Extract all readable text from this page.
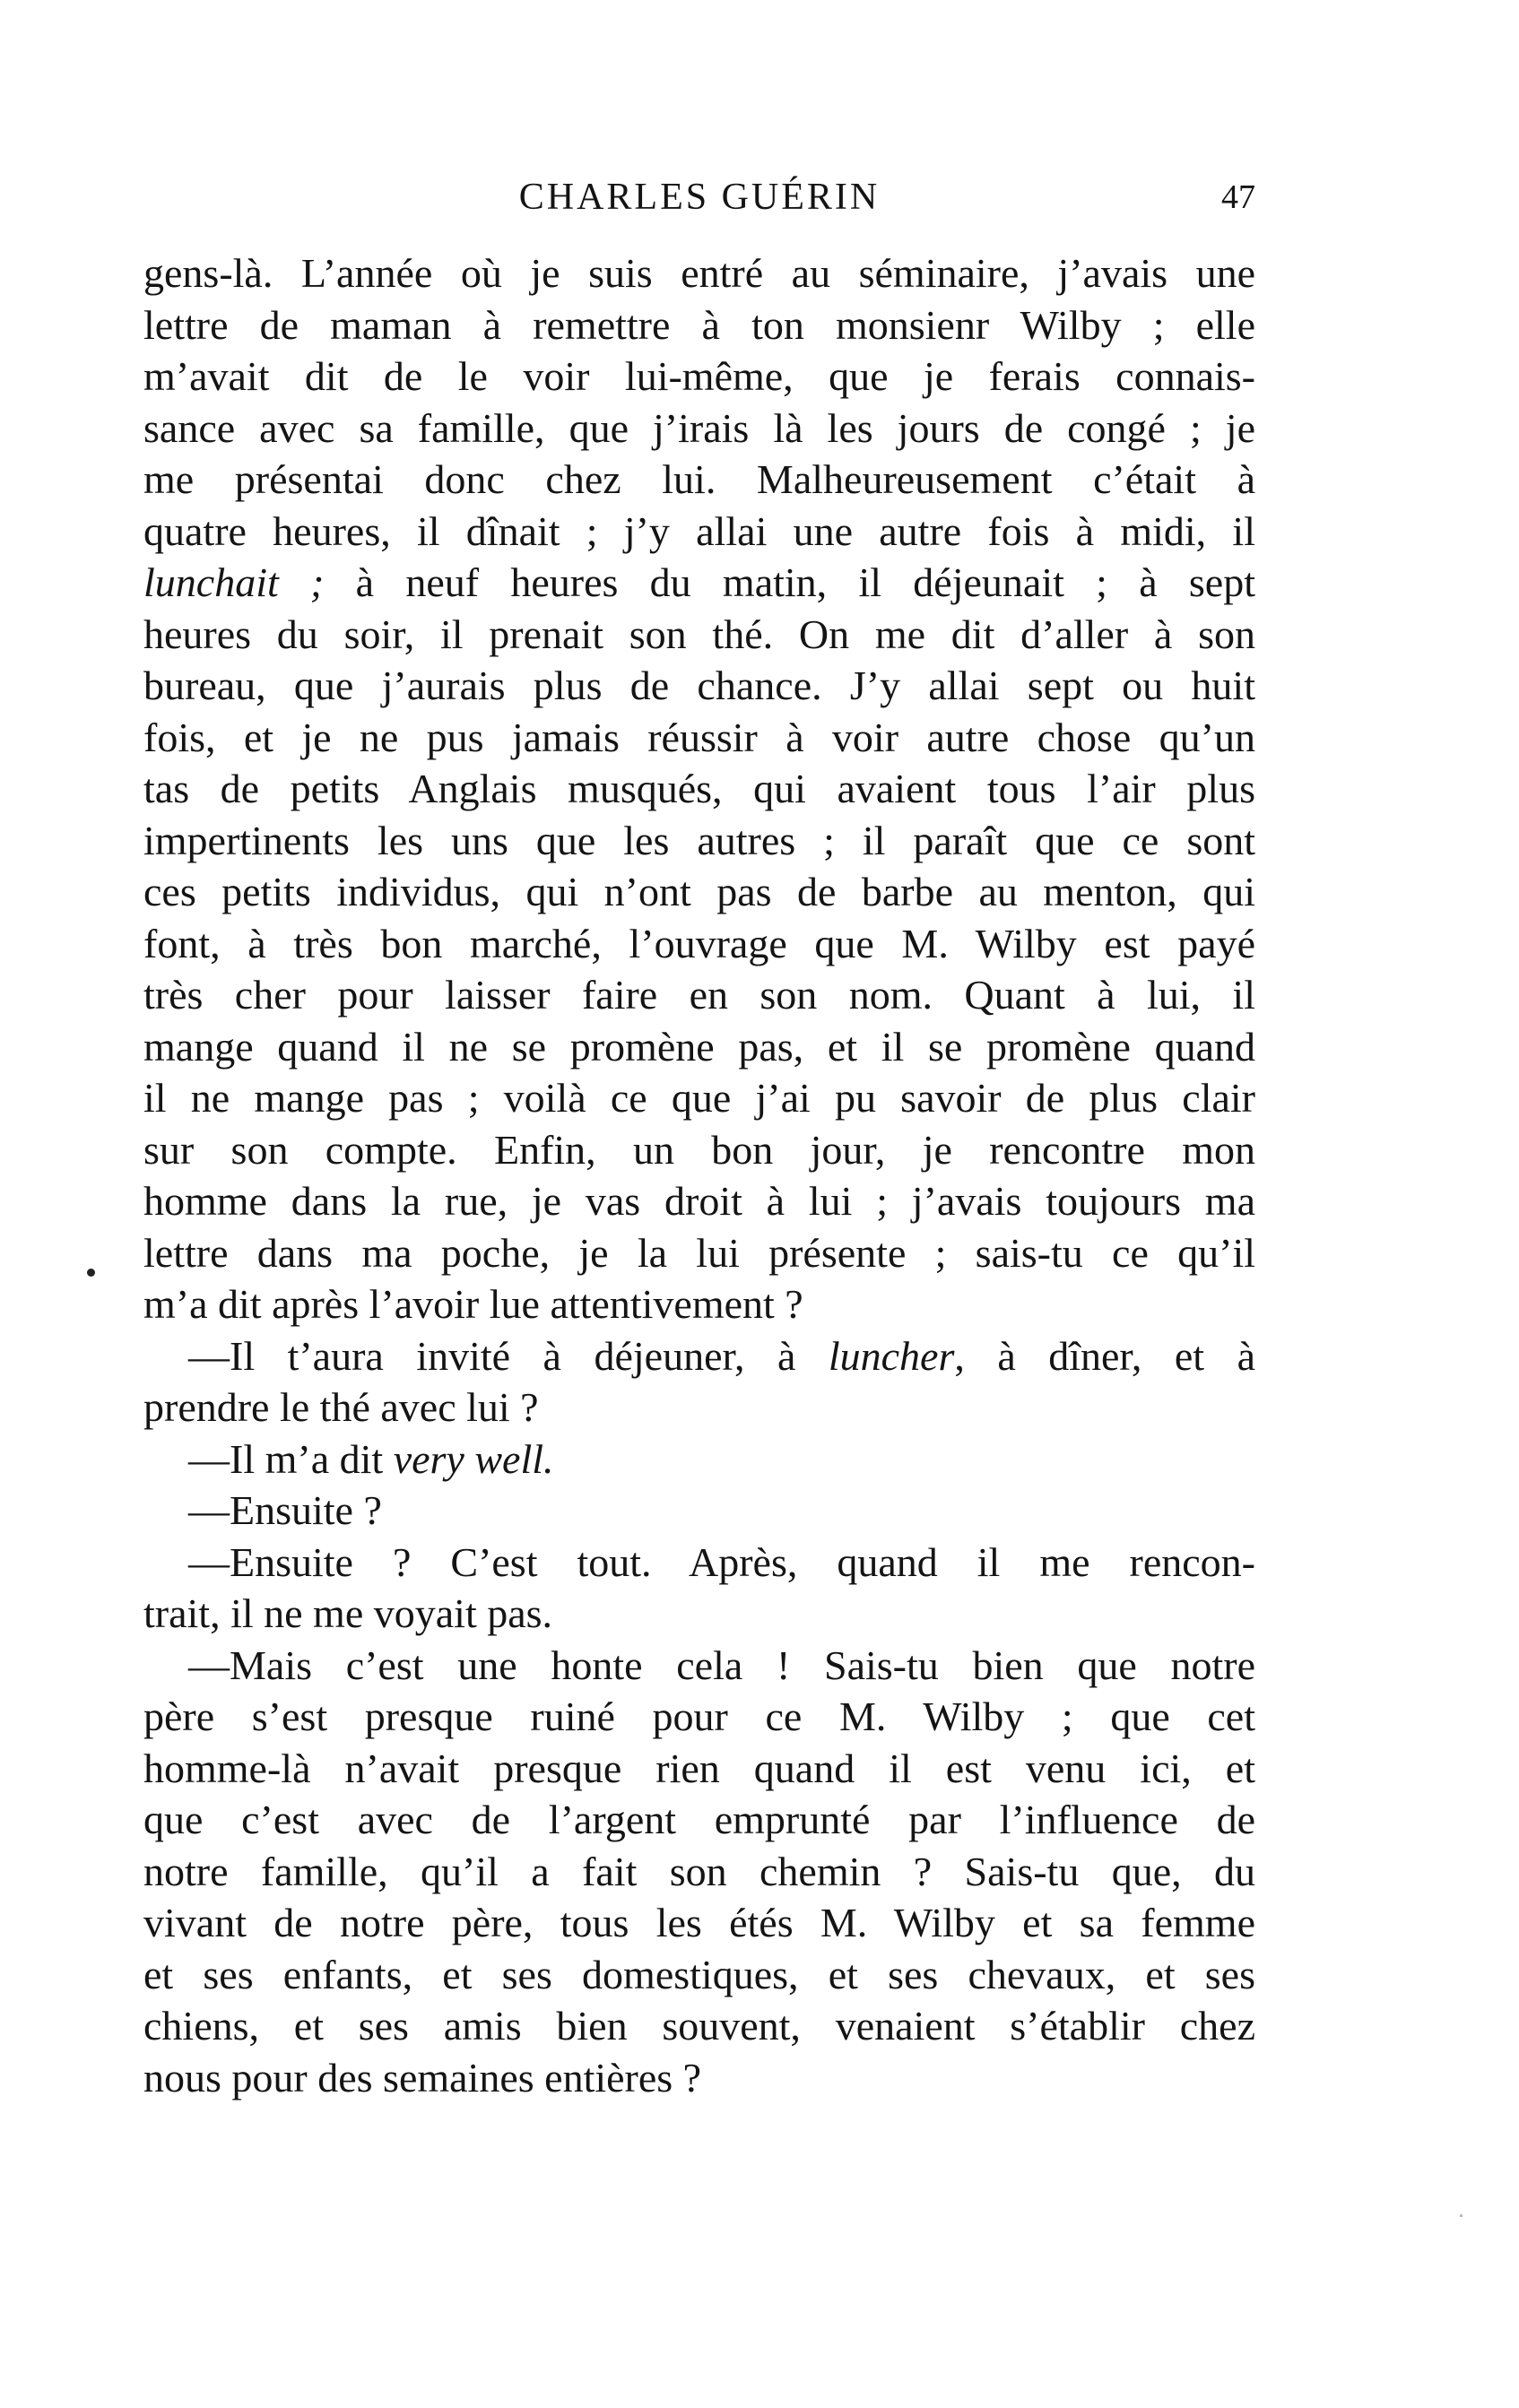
CHARLES GUÉRIN	47
gens-là. L’année où je suis entré au séminaire, j’avais une
lettre de maman à remettre à ton monsienr Wilby ; elle
m’avait dit de le voir lui-même, que je ferais connais-
sance avec sa famille, que j’irais là les jours de congé ; je
me présentai donc chez lui. Malheureusement c’était à
quatre heures, il dînait ; j’y allai une autre fois à midi, il
lunchait ; à neuf heures du matin, il déjeunait ; à sept
heures du soir, il prenait son thé. On me dit d’aller à son
bureau, que j’aurais plus de chance. J’y allai sept ou huit
fois, et je ne pus jamais réussir à voir autre chose qu’un
tas de petits Anglais musqués, qui avaient tous l’air plus
impertinents les uns que les autres ; il paraît que ce sont
ces petits individus, qui n’ont pas de barbe au menton, qui
font, à très bon marché, l’ouvrage que M. Wilby est payé
très cher pour laisser faire en son nom. Quant à lui, il
mange quand il ne se promène pas, et il se promène quand
il ne mange pas ; voilà ce que j’ai pu savoir de plus clair
sur son compte. Enfin, un bon jour, je rencontre mon
homme dans la rue, je vas droit à lui ; j’avais toujours ma
lettre dans ma poche, je la lui présente ; sais-tu ce qu’il
m’a dit après l’avoir lue attentivement ?
—Il t’aura invité à déjeuner, à luncher, à dîner, et à
prendre le thé avec lui ?
—Il m’a dit very well.
—Ensuite ?
—Ensuite ? C’est tout. Après, quand il me rencon-
trait, il ne me voyait pas.
—Mais c’est une honte cela ! Sais-tu bien que notre
père s’est presque ruiné pour ce M. Wilby ; que cet
homme-là n’avait presque rien quand il est venu ici, et
que c’est avec de l’argent emprunté par l’influence de
notre famille, qu’il a fait son chemin ? Sais-tu que, du
vivant de notre père, tous les étés M. Wilby et sa femme
et ses enfants, et ses domestiques, et ses chevaux, et ses
chiens, et ses amis bien souvent, venaient s’établir chez
nous pour des semaines entières ?
